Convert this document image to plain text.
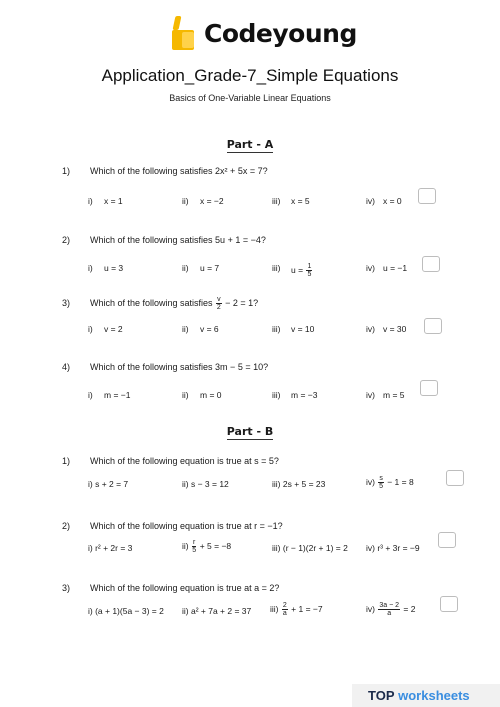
Codeyoung
Application_Grade-7_Simple Equations
Basics of One-Variable Linear Equations
Part - A
1) Which of the following satisfies 2x² + 5x = 7?
i) x = 1	ii) x = −2	iii) x = 5	iv) x = 0
2) Which of the following satisfies 5u + 1 = −4?
i) u = 3	ii) u = 7	iii) $u = \frac{1}{5}$	iv) u = −1
3) Which of the following satisfies $\frac{v}{2} - 2 = 1$?
i) v = 2	ii) v = 6	iii) v = 10	iv) v = 30
4) Which of the following satisfies 3m − 5 = 10?
i) m = −1	ii) m = 0	iii) m = −3	iv) m = 5
Part - B
1) Which of the following equation is true at s = 5?
i) s + 2 = 7	ii) s − 3 = 12	iii) 2s + 5 = 23	$iv) \frac{s}{5} - 1 = 8$
2) Which of the following equation is true at r = −1?
i) r² + 2r = 3	$ii) \frac{r}{5} + 5 = -8$	iii) (r − 1)(2r + 1) = 2 iv) r³ + 3r = −9
3) Which of the following equation is true at a = 2?
i) (a + 1)(5a − 3) = 2 ii) a² + 7a + 2 = 37 $iii) \frac{2}{a} + 1 = -7$	$iv) \frac{3a - 2}{a} = 2$
TOP worksheets
